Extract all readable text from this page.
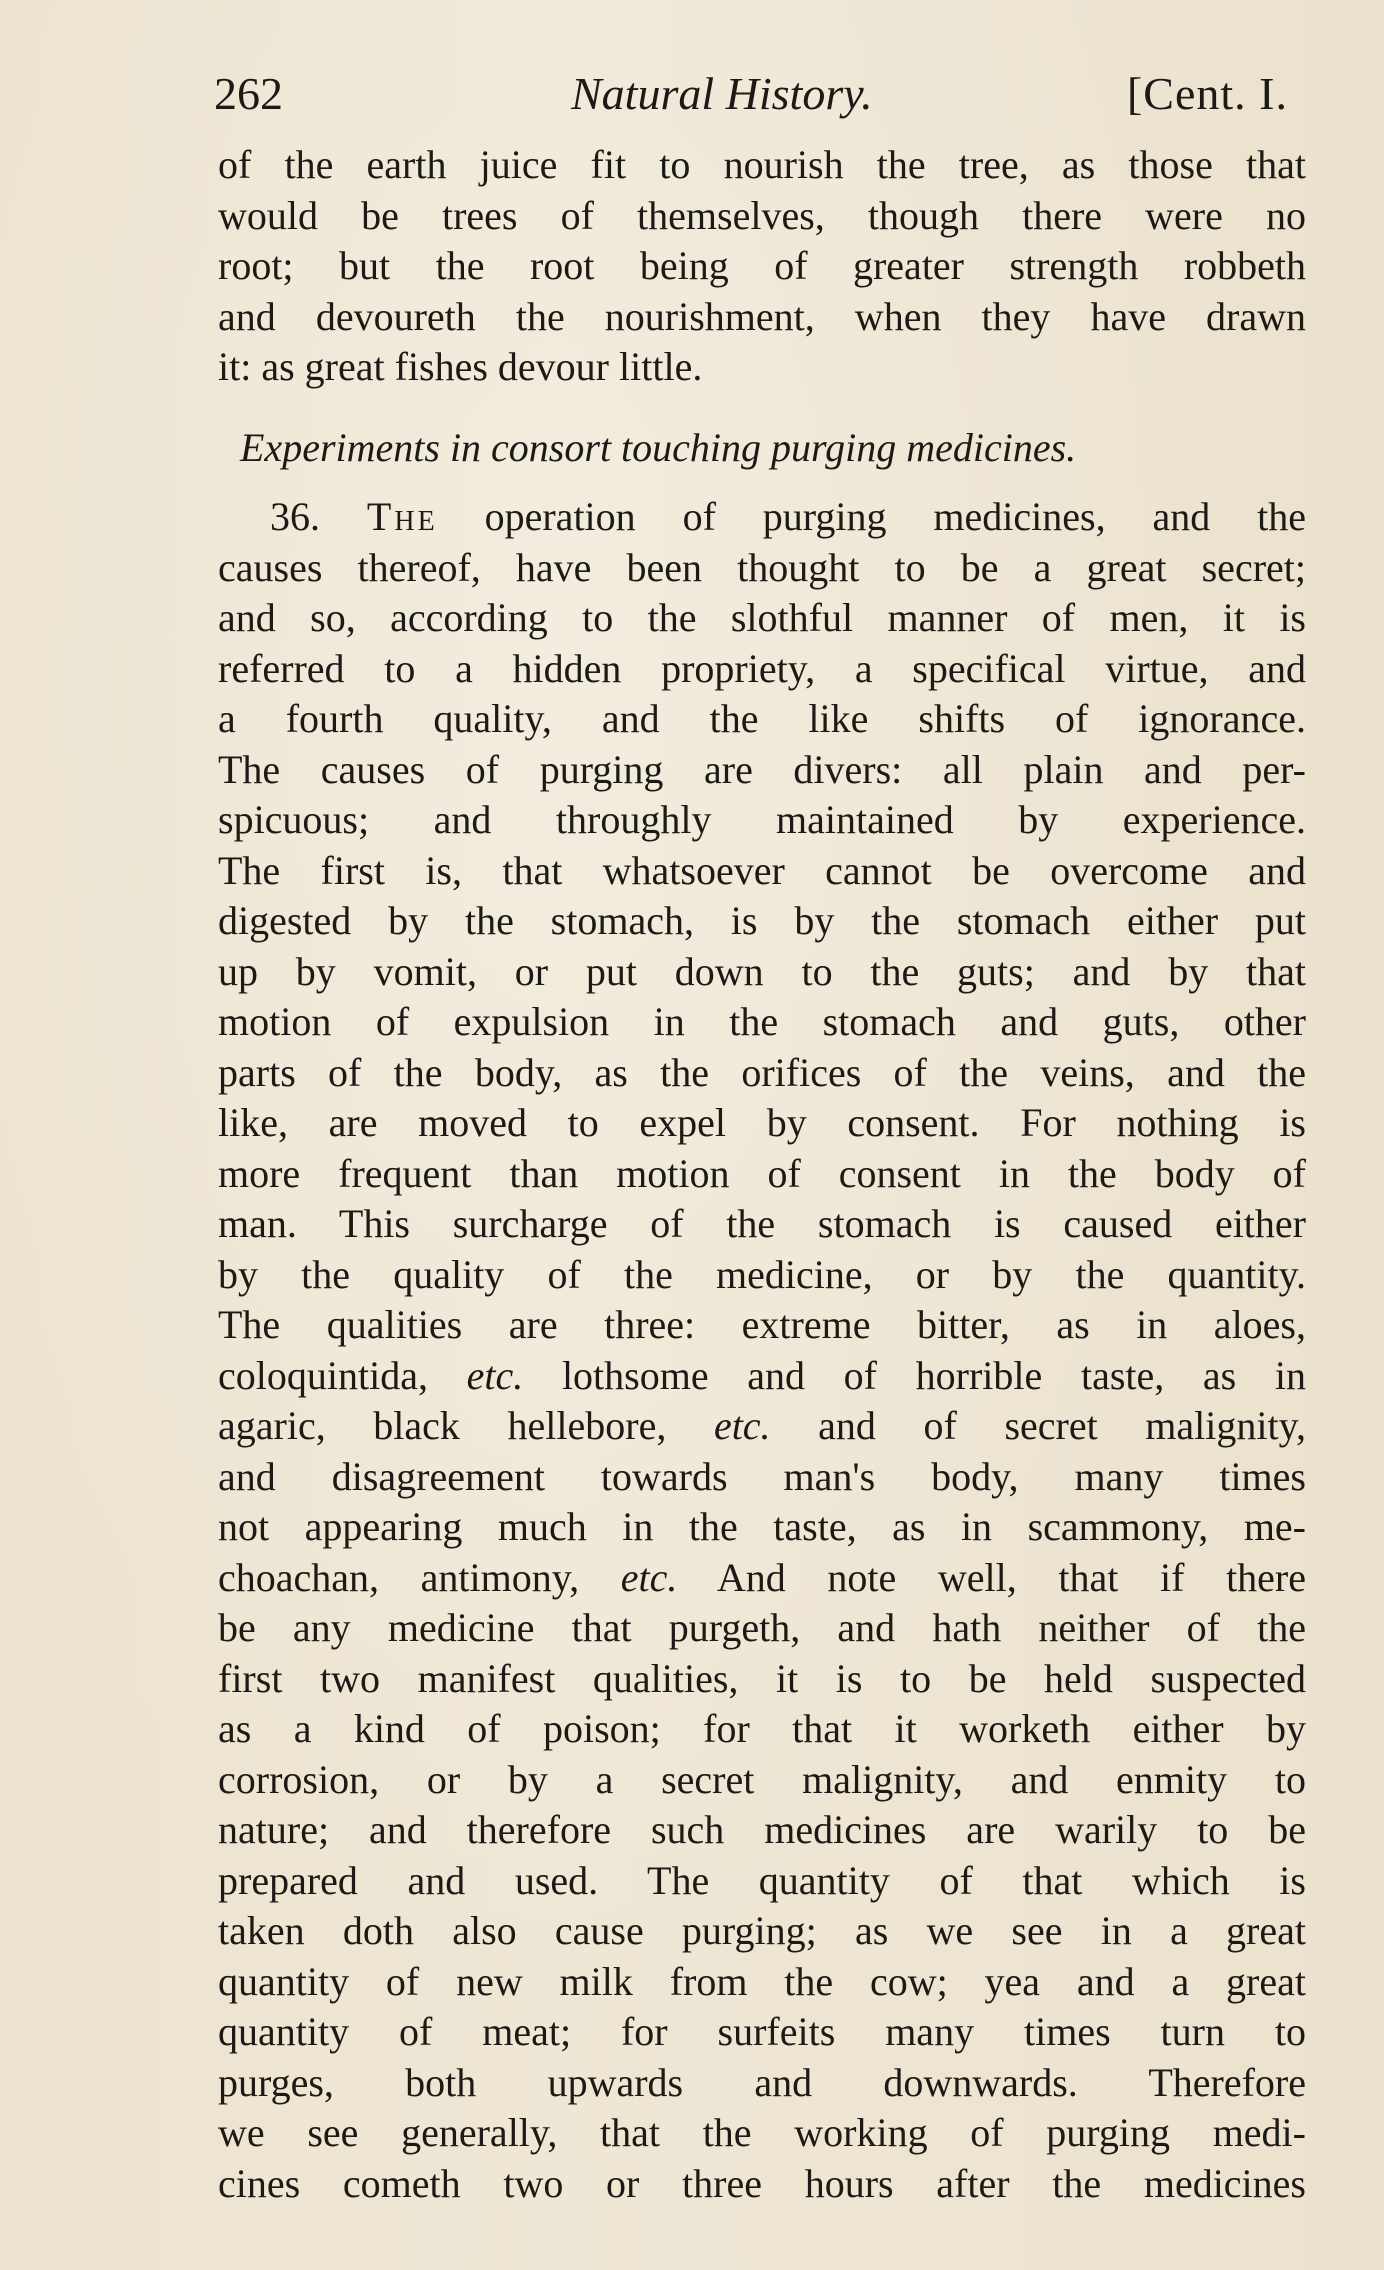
262	Natural History.	[Cent. I.
of the earth juice fit to nourish the tree, as those that
would be trees of themselves, though there were no
root; but the root being of greater strength robbeth
and devoureth the nourishment, when they have drawn
it: as great fishes devour little.
Experiments in consort touching purging medicines.
36. The operation of purging medicines, and the
causes thereof, have been thought to be a great secret;
and so, according to the slothful manner of men, it is
referred to a hidden propriety, a specifical virtue, and
a fourth quality, and the like shifts of ignorance.
The causes of purging are divers: all plain and per-
spicuous; and throughly maintained by experience.
The first is, that whatsoever cannot be overcome and
digested by the stomach, is by the stomach either put
up by vomit, or put down to the guts; and by that
motion of expulsion in the stomach and guts, other
parts of the body, as the orifices of the veins, and the
like, are moved to expel by consent. For nothing is
more frequent than motion of consent in the body of
man. This surcharge of the stomach is caused either
by the quality of the medicine, or by the quantity.
The qualities are three: extreme bitter, as in aloes,
coloquintida, etc. lothsome and of horrible taste, as in
agaric, black hellebore, etc. and of secret malignity,
and disagreement towards man's body, many times
not appearing much in the taste, as in scammony, me-
choachan, antimony, etc. And note well, that if there
be any medicine that purgeth, and hath neither of the
first two manifest qualities, it is to be held suspected
as a kind of poison; for that it worketh either by
corrosion, or by a secret malignity, and enmity to
nature; and therefore such medicines are warily to be
prepared and used. The quantity of that which is
taken doth also cause purging; as we see in a great
quantity of new milk from the cow; yea and a great
quantity of meat; for surfeits many times turn to
purges, both upwards and downwards. Therefore
we see generally, that the working of purging medi-
cines cometh two or three hours after the medicines
